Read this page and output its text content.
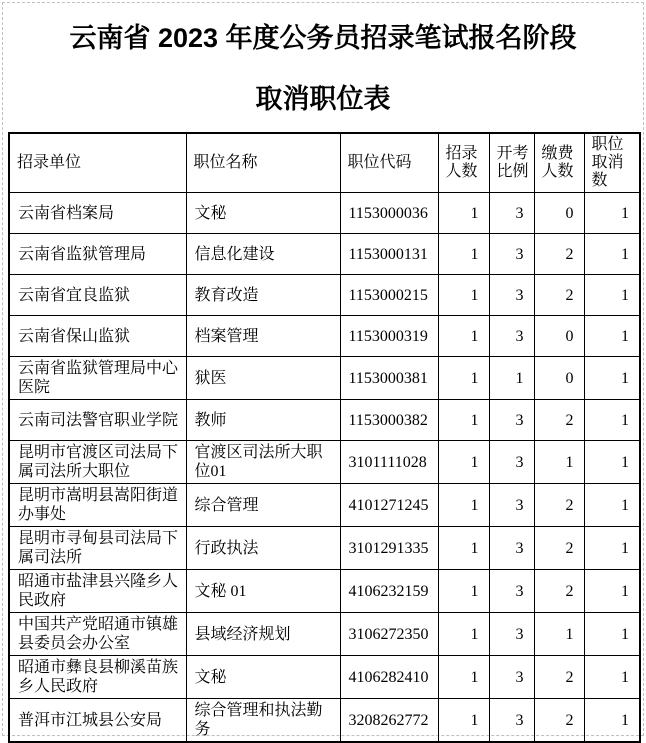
云南省 2023 年度公务员招录笔试报名阶段
取消职位表
招录单位	职位名称	职位代码	招录人数	开考比例	缴费人数	职位取消数
云南省档案局	文秘	1153000036	1	3	0	1
云南省监狱管理局	信息化建设	1153000131	1	3	2	1
云南省宜良监狱	教育改造	1153000215	1	3	2	1
云南省保山监狱	档案管理	1153000319	1	3	0	1
云南省监狱管理局中心医院	狱医	1153000381	1	1	0	1
云南司法警官职业学院	教师	1153000382	1	3	2	1
昆明市官渡区司法局下属司法所大职位	官渡区司法所大职位01	3101111028	1	3	1	1
昆明市嵩明县嵩阳街道办事处	综合管理	4101271245	1	3	2	1
昆明市寻甸县司法局下属司法所	行政执法	3101291335	1	3	2	1
昭通市盐津县兴隆乡人民政府	文秘 01	4106232159	1	3	2	1
中国共产党昭通市镇雄县委员会办公室	县域经济规划	3106272350	1	3	1	1
昭通市彝良县柳溪苗族乡人民政府	文秘	4106282410	1	3	2	1
普洱市江城县公安局	综合管理和执法勤务	3208262772	1	3	2	1
